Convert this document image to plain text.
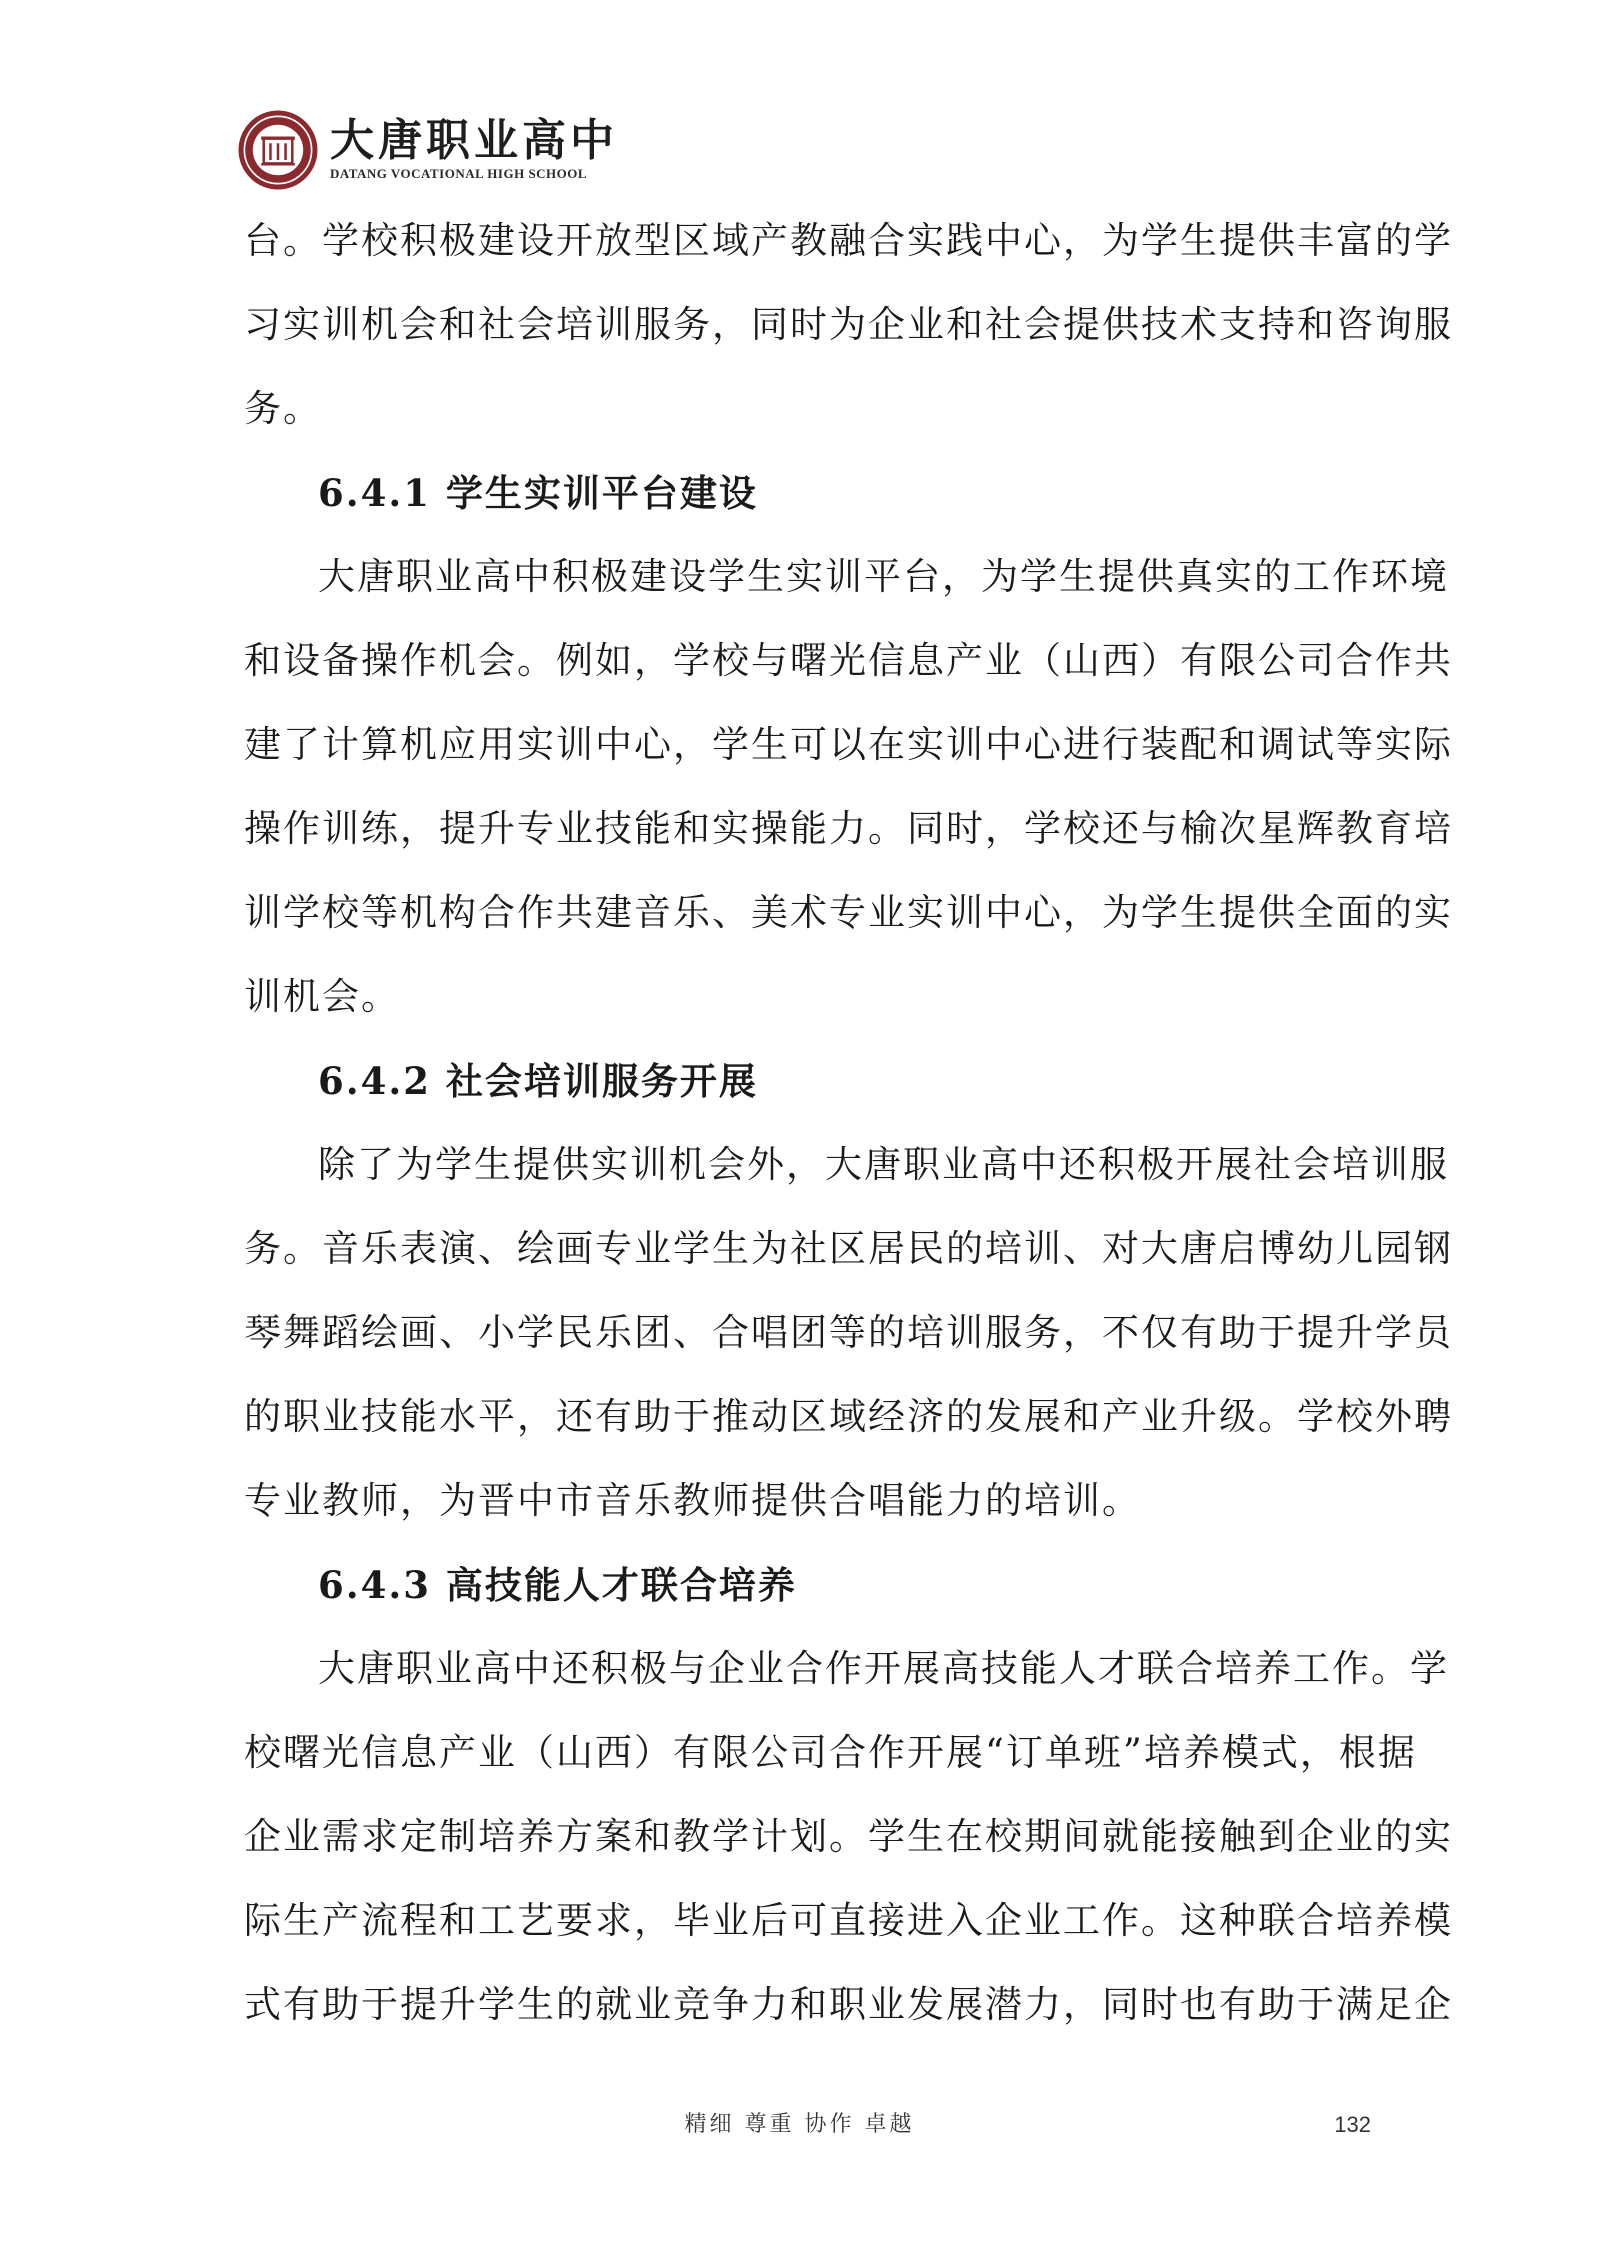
大唐职业高中
DATANG VOCATIONAL HIGH SCHOOL
台。学校积极建设开放型区域产教融合实践中心，为学生提供丰富的学
习实训机会和社会培训服务，同时为企业和社会提供技术支持和咨询服
务。
6.4.1 学生实训平台建设
大唐职业高中积极建设学生实训平台，为学生提供真实的工作环境
和设备操作机会。例如，学校与曙光信息产业（山西）有限公司合作共
建了计算机应用实训中心，学生可以在实训中心进行装配和调试等实际
操作训练，提升专业技能和实操能力。同时，学校还与榆次星辉教育培
训学校等机构合作共建音乐、美术专业实训中心，为学生提供全面的实
训机会。
6.4.2 社会培训服务开展
除了为学生提供实训机会外，大唐职业高中还积极开展社会培训服
务。音乐表演、绘画专业学生为社区居民的培训、对大唐启博幼儿园钢
琴舞蹈绘画、小学民乐团、合唱团等的培训服务，不仅有助于提升学员
的职业技能水平，还有助于推动区域经济的发展和产业升级。学校外聘
专业教师，为晋中市音乐教师提供合唱能力的培训。
6.4.3 高技能人才联合培养
大唐职业高中还积极与企业合作开展高技能人才联合培养工作。学
校曙光信息产业（山西）有限公司合作开展“订单班”培养模式，根据
企业需求定制培养方案和教学计划。学生在校期间就能接触到企业的实
际生产流程和工艺要求，毕业后可直接进入企业工作。这种联合培养模
式有助于提升学生的就业竞争力和职业发展潜力，同时也有助于满足企
精细 尊重 协作 卓越	132
